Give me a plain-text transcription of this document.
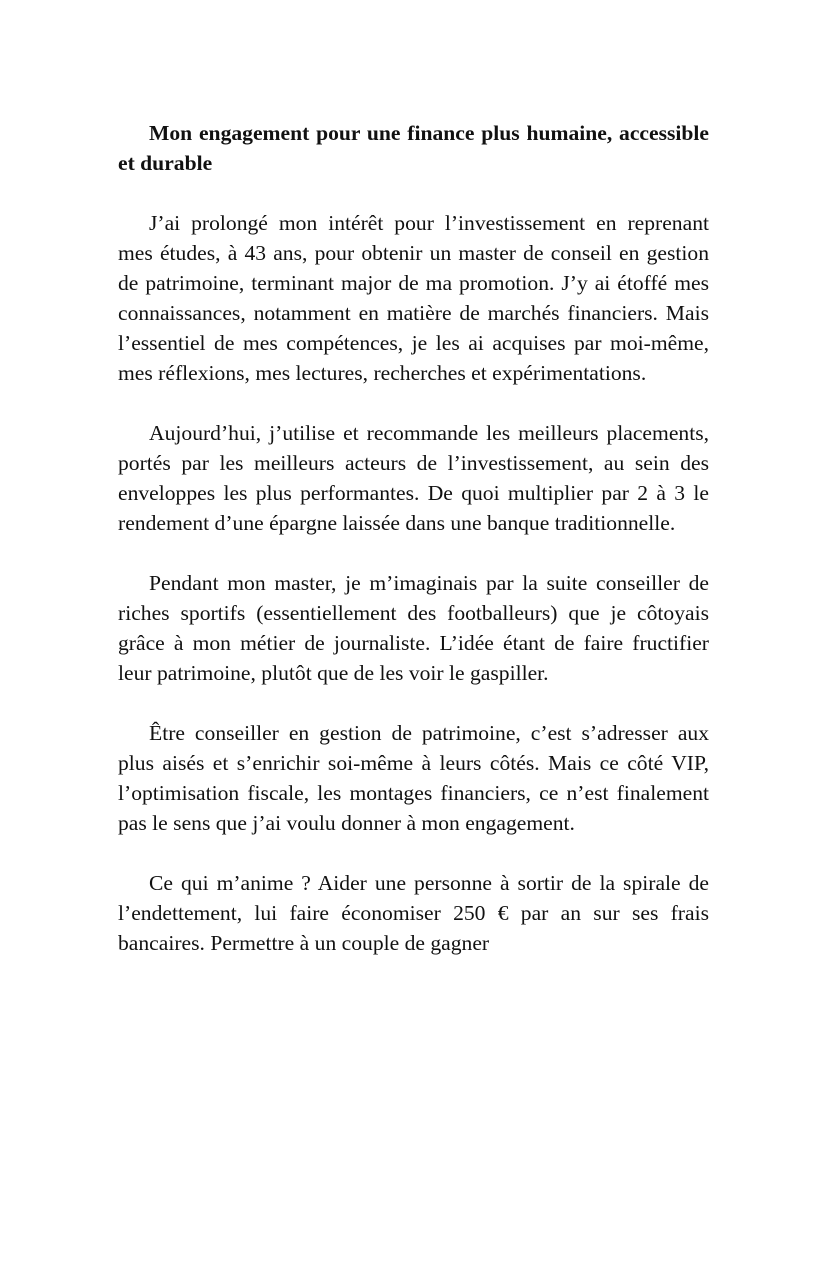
Mon engagement pour une finance plus humaine, accessible et durable

J’ai prolongé mon intérêt pour l’investissement en reprenant mes études, à 43 ans, pour obtenir un master de conseil en gestion de patrimoine, terminant major de ma promotion. J’y ai étoffé mes connaissances, notamment en matière de marchés financiers. Mais l’essentiel de mes compétences, je les ai acquises par moi-même, mes réflexions, mes lectures, recherches et expérimentations.

Aujourd’hui, j’utilise et recommande les meilleurs placements, portés par les meilleurs acteurs de l’investissement, au sein des enveloppes les plus performantes. De quoi multiplier par 2 à 3 le rendement d’une épargne laissée dans une banque traditionnelle.

Pendant mon master, je m’imaginais par la suite conseiller de riches sportifs (essentiellement des footballeurs) que je côtoyais grâce à mon métier de journaliste. L’idée étant de faire fructifier leur patrimoine, plutôt que de les voir le gaspiller.

Être conseiller en gestion de patrimoine, c’est s’adresser aux plus aisés et s’enrichir soi-même à leurs côtés. Mais ce côté VIP, l’optimisation fiscale, les montages financiers, ce n’est finalement pas le sens que j’ai voulu donner à mon engagement.

Ce qui m’anime ? Aider une personne à sortir de la spirale de l’endettement, lui faire économiser 250 € par an sur ses frais bancaires. Permettre à un couple de gagner
